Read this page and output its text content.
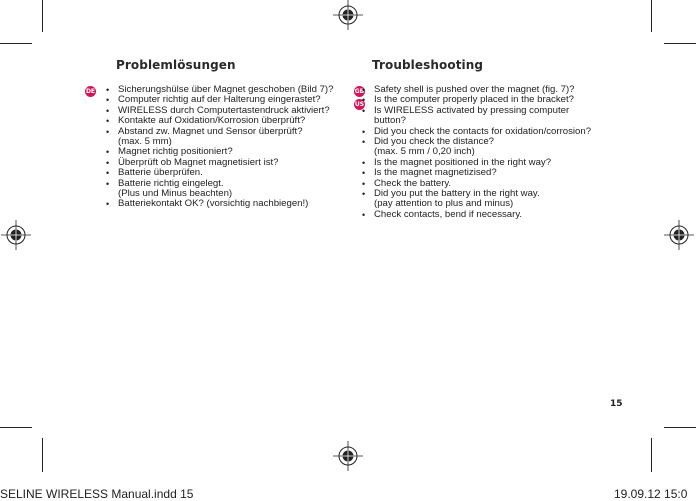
DE	GB
US
Problemlösungen
• Sicherungshülse über Magnet geschoben (Bild 7)?
• Computer richtig auf der Halterung eingerastet?
• WIRELESS durch Computertastendruck aktiviert?
• Kontakte auf Oxidation/Korrosion überprüft?
• Abstand zw. Magnet und Sensor überprüft?
(max. 5 mm)
• Magnet richtig positioniert?
• Überprüft ob Magnet magnetisiert ist?
• Batterie überprüfen.
• Batterie richtig eingelegt.
(Plus und Minus beachten)
• Batteriekontakt OK? (vorsichtig nachbiegen!)
Troubleshooting
• Safety shell is pushed over the magnet (fig. 7)?
• Is the computer properly placed in the bracket?
• Is WIRELESS activated by pressing computer
button?
• Did you check the contacts for oxidation/corrosion?
• Did you check the distance?
(max. 5 mm / 0,20 inch)
• Is the magnet positioned in the right way?
• Is the magnet magnetizised?
• Check the battery.
• Did you put the battery in the right way.
(pay attention to plus and minus)
• Check contacts, bend if necessary.
15
SELINE WIRELESS Manual.indd 15	19.09.12 15:0
